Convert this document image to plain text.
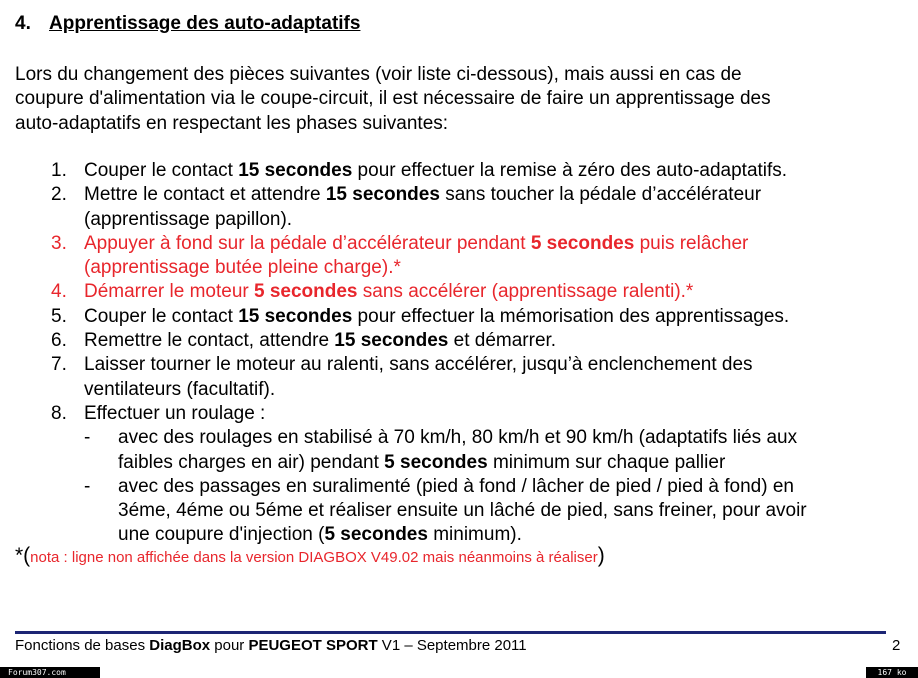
4. Apprentissage des auto-adaptatifs
Lors du changement des pièces suivantes (voir liste ci-dessous), mais aussi en cas de
coupure d'alimentation via le coupe-circuit, il est nécessaire de faire un apprentissage des
auto-adaptatifs en respectant les phases suivantes:
1. Couper le contact 15 secondes pour effectuer la remise à zéro des auto-adaptatifs.
2. Mettre le contact et attendre 15 secondes sans toucher la pédale d’accélérateur
(apprentissage papillon).
3. Appuyer à fond sur la pédale d’accélérateur pendant 5 secondes puis relâcher
(apprentissage butée pleine charge).*
4. Démarrer le moteur 5 secondes sans accélérer (apprentissage ralenti).*
5. Couper le contact 15 secondes pour effectuer la mémorisation des apprentissages.
6. Remettre le contact, attendre 15 secondes et démarrer.
7. Laisser tourner le moteur au ralenti, sans accélérer, jusqu’à enclenchement des
ventilateurs (facultatif).
8. Effectuer un roulage :
- avec des roulages en stabilisé à 70 km/h, 80 km/h et 90 km/h (adaptatifs liés aux
faibles charges en air) pendant 5 secondes minimum sur chaque pallier
- avec des passages en suralimenté (pied à fond / lâcher de pied / pied à fond) en
3éme, 4éme ou 5éme et réaliser ensuite un lâché de pied, sans freiner, pour avoir
une coupure d'injection (5 secondes minimum).
*(nota : ligne non affichée dans la version DIAGBOX V49.02 mais néanmoins à réaliser)
Fonctions de bases DiagBox pour PEUGEOT SPORT V1 – Septembre 2011	2
Forum307.com	167 ko
